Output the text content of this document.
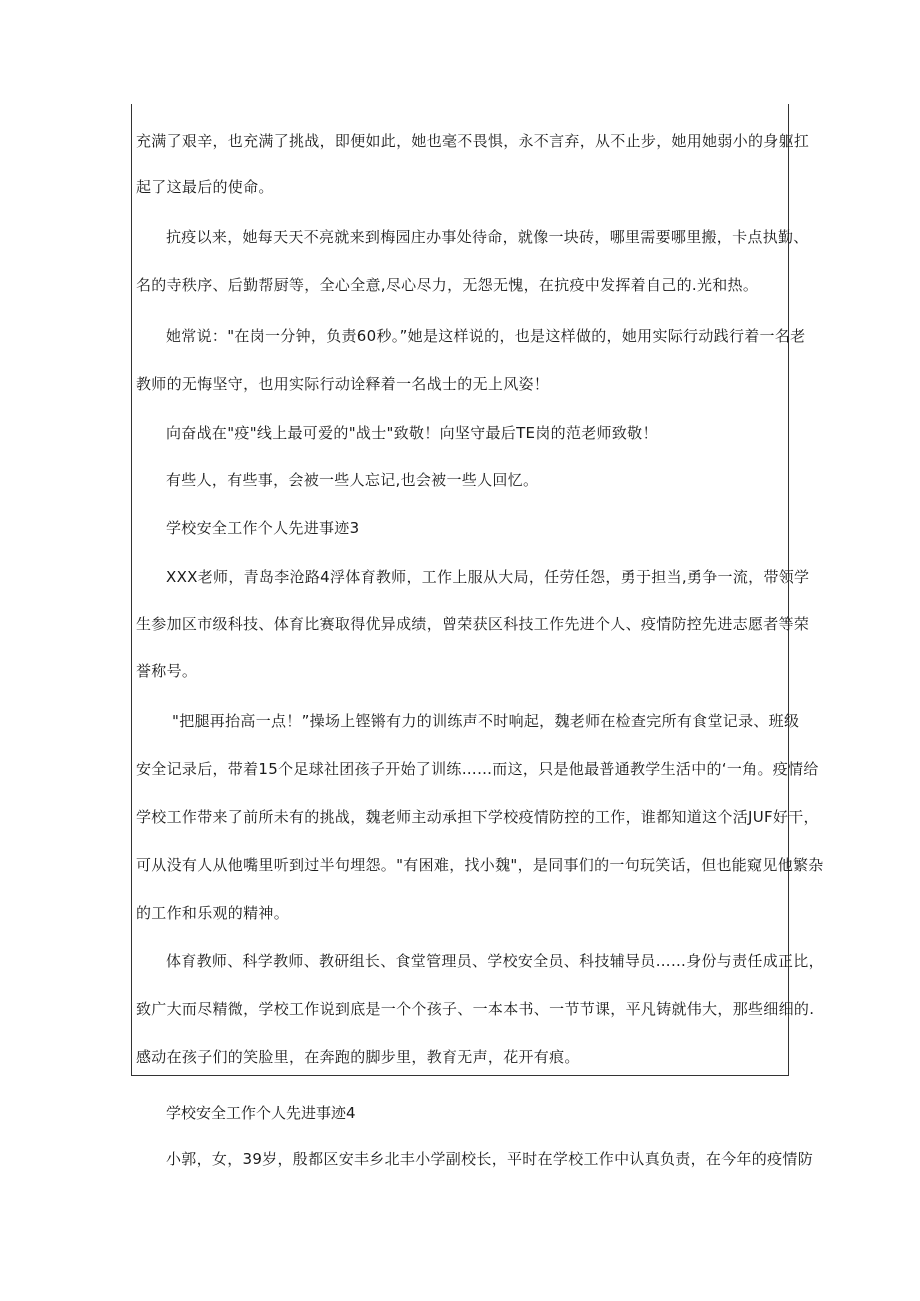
充满了艰辛，也充满了挑战，即便如此，她也毫不畏惧，永不言弃，从不止步，她用她弱小的身躯扛
起了这最后的使命。
抗疫以来，她每天天不亮就来到梅园庄办事处待命，就像一块砖，哪里需要哪里搬，卡点执勤、
名的寺秩序、后勤帮厨等，全心全意,尽心尽力，无怨无愧，在抗疫中发挥着自己的.光和热。
她常说："在岗一分钟，负责60秒。”她是这样说的，也是这样做的，她用实际行动践行着一名老
教师的无悔坚守，也用实际行动诠释着一名战士的无上风姿！
向奋战在"疫"线上最可爱的"战士"致敬！向坚守最后TE岗的范老师致敬！
有些人，有些事，会被一些人忘记,也会被一些人回忆。
学校安全工作个人先进事迹3
XXX老师，青岛李沧路4浮体育教师，工作上服从大局，任劳任怨，勇于担当,勇争一流，带领学
生参加区市级科技、体育比赛取得优异成绩，曾荣获区科技工作先进个人、疫情防控先进志愿者等荣
誉称号。
"把腿再抬高一点！”操场上铿锵有力的训练声不时响起，魏老师在检查完所有食堂记录、班级
安全记录后，带着15个足球社团孩子开始了训练……而这，只是他最普通教学生活中的‘一角。疫情给
学校工作带来了前所未有的挑战，魏老师主动承担下学校疫情防控的工作，谁都知道这个活JUF好干，
可从没有人从他嘴里听到过半句埋怨。"有困难，找小魏"，是同事们的一句玩笑话，但也能窥见他繁杂
的工作和乐观的精神。
体育教师、科学教师、教研组长、食堂管理员、学校安全员、科技辅导员……身份与责任成正比，
致广大而尽精微，学校工作说到底是一个个孩子、一本本书、一节节课，平凡铸就伟大，那些细细的.
感动在孩子们的笑脸里，在奔跑的脚步里，教育无声，花开有痕。
学校安全工作个人先进事迹4
小郭，女，39岁，殷都区安丰乡北丰小学副校长，平时在学校工作中认真负责，在今年的疫情防
